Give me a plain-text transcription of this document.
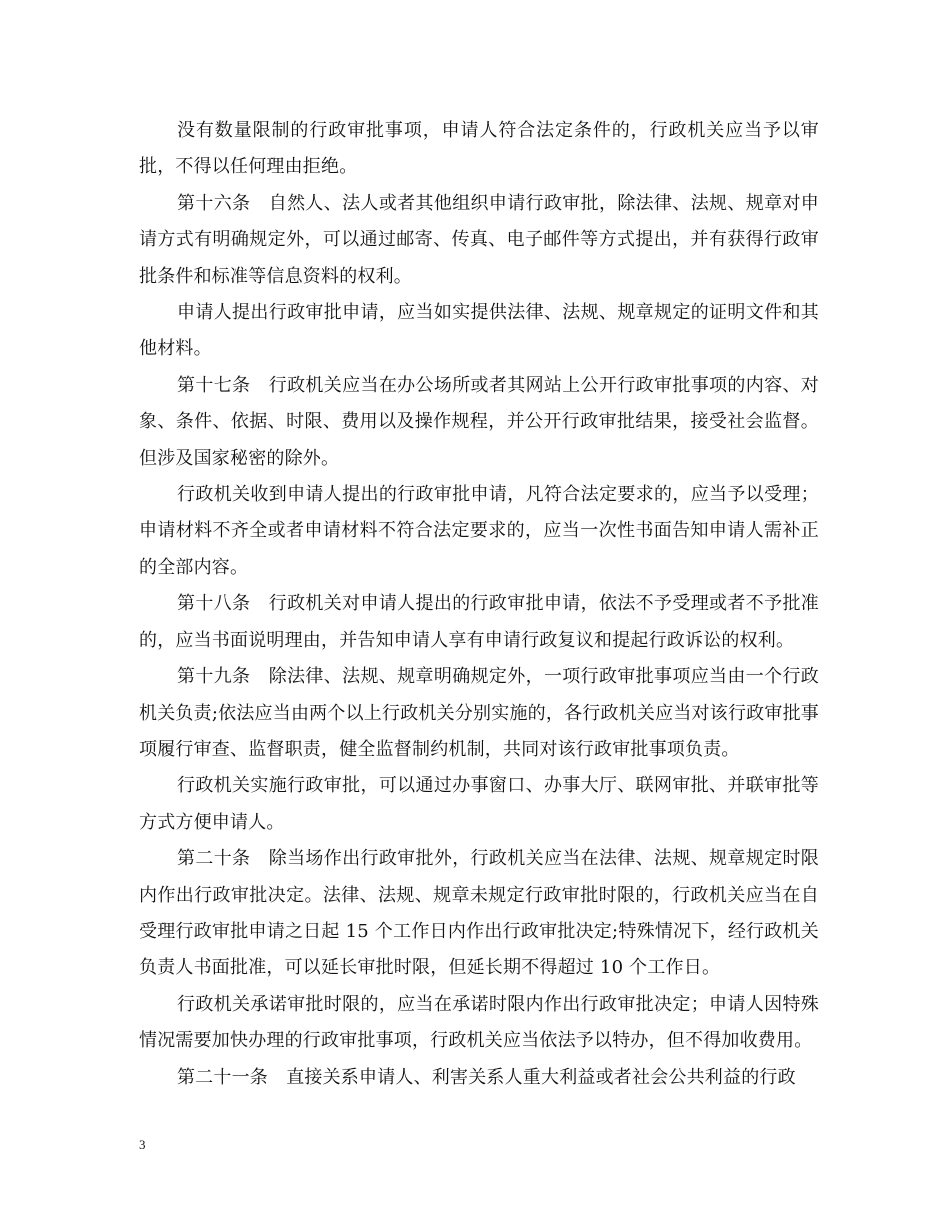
没有数量限制的行政审批事项，申请人符合法定条件的，行政机关应当予以审批，不得以任何理由拒绝。

第十六条　自然人、法人或者其他组织申请行政审批，除法律、法规、规章对申请方式有明确规定外，可以通过邮寄、传真、电子邮件等方式提出，并有获得行政审批条件和标准等信息资料的权利。

申请人提出行政审批申请，应当如实提供法律、法规、规章规定的证明文件和其他材料。

第十七条　行政机关应当在办公场所或者其网站上公开行政审批事项的内容、对象、条件、依据、时限、费用以及操作规程，并公开行政审批结果，接受社会监督。但涉及国家秘密的除外。

行政机关收到申请人提出的行政审批申请，凡符合法定要求的，应当予以受理；申请材料不齐全或者申请材料不符合法定要求的，应当一次性书面告知申请人需补正的全部内容。

第十八条　行政机关对申请人提出的行政审批申请，依法不予受理或者不予批准的，应当书面说明理由，并告知申请人享有申请行政复议和提起行政诉讼的权利。

第十九条　除法律、法规、规章明确规定外，一项行政审批事项应当由一个行政机关负责;依法应当由两个以上行政机关分别实施的，各行政机关应当对该行政审批事项履行审查、监督职责，健全监督制约机制，共同对该行政审批事项负责。

行政机关实施行政审批，可以通过办事窗口、办事大厅、联网审批、并联审批等方式方便申请人。

第二十条　除当场作出行政审批外，行政机关应当在法律、法规、规章规定时限内作出行政审批决定。法律、法规、规章未规定行政审批时限的，行政机关应当在自受理行政审批申请之日起 15 个工作日内作出行政审批决定;特殊情况下，经行政机关负责人书面批准，可以延长审批时限，但延长期不得超过 10 个工作日。

行政机关承诺审批时限的，应当在承诺时限内作出行政审批决定；申请人因特殊情况需要加快办理的行政审批事项，行政机关应当依法予以特办，但不得加收费用。

第二十一条　直接关系申请人、利害关系人重大利益或者社会公共利益的行政

3
